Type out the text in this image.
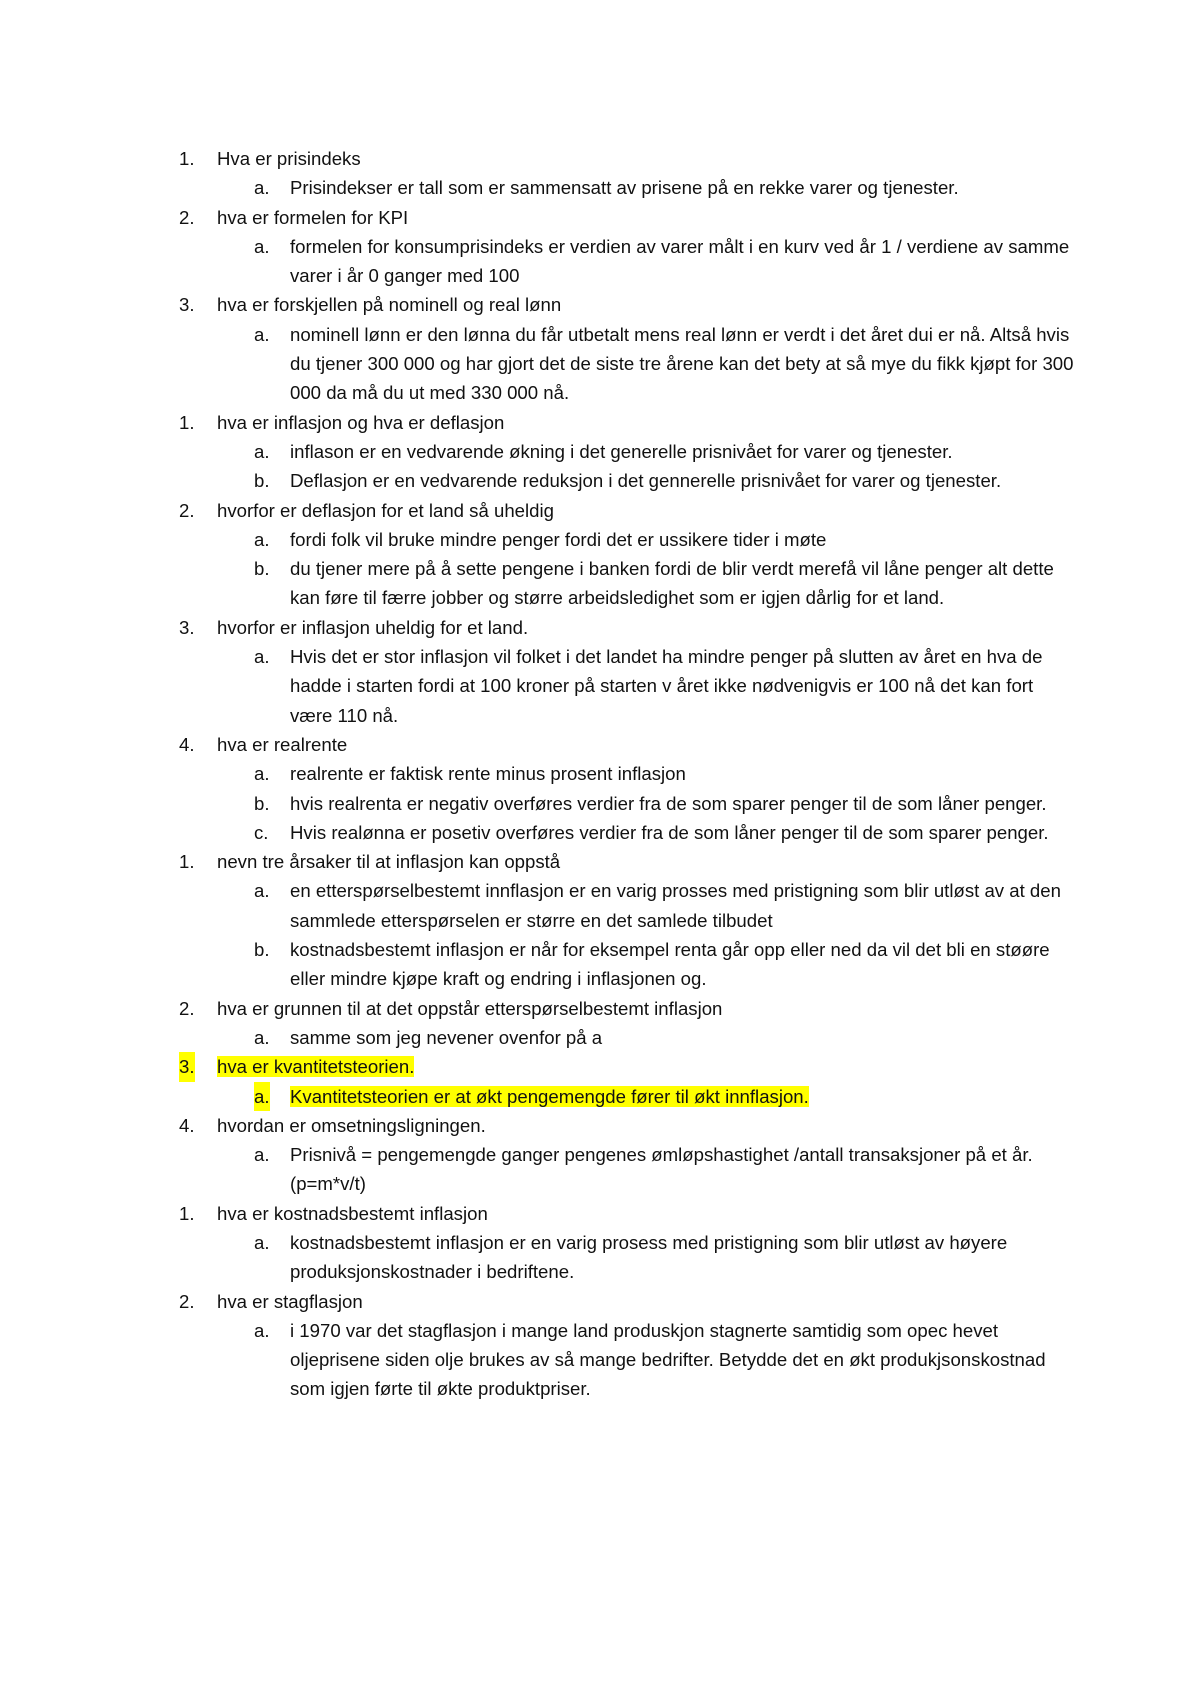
1. Hva er prisindeks
a. Prisindekser er tall som er sammensatt av prisene på en rekke varer og tjenester.
2. hva er formelen for KPI
a. formelen for konsumprisindeks er verdien av varer målt i en kurv ved år 1 / verdiene av samme varer i år 0 ganger med 100
3. hva er forskjellen på nominell og real lønn
a. nominell lønn er den lønna du får utbetalt mens real lønn er verdt i det året dui er nå. Altså hvis du tjener 300 000 og har gjort det de siste tre årene kan det bety at så mye du fikk kjøpt for 300 000 da må du ut med 330 000 nå.
1. hva er inflasjon og hva er deflasjon
a. inflason er en vedvarende økning i det generelle prisnivået for varer og tjenester.
b. Deflasjon er en vedvarende reduksjon i det gennerelle prisnivået for varer og tjenester.
2. hvorfor er deflasjon for et land så uheldig
a. fordi folk vil bruke mindre penger fordi det er ussikere tider i møte
b. du tjener mere på å sette pengene i banken fordi de blir verdt merefå vil låne penger alt dette kan føre til færre jobber og større arbeidsledighet som er igjen dårlig for et land.
3. hvorfor er inflasjon uheldig for et land.
a. Hvis det er stor inflasjon vil folket i det landet ha mindre penger på slutten av året en hva de hadde i starten fordi at 100 kroner på starten v året ikke nødvenigvis er 100 nå det kan fort være 110 nå.
4. hva er realrente
a. realrente er faktisk rente minus prosent inflasjon
b. hvis realrenta er negativ overføres verdier fra de som sparer penger til de som låner penger.
c. Hvis realønna er posetiv overføres verdier fra de som låner penger til de som sparer penger.
1. nevn tre årsaker til at inflasjon kan oppstå
a. en etterspørselbestemt innflasjon er en varig prosses med pristigning som blir utløst av at den sammlede etterspørselen er større en det samlede tilbudet
b. kostnadsbestemt inflasjon er når for eksempel renta går opp eller ned da vil det bli en støøre eller mindre kjøpe kraft og endring i inflasjonen og.
2. hva er grunnen til at det oppstår etterspørselbestemt inflasjon
a. samme som jeg nevener ovenfor på a
3. hva er kvantitetsteorien.
a. Kvantitetsteorien er at økt pengemengde fører til økt innflasjon.
4. hvordan er omsetningsligningen.
a. Prisnivå = pengemengde ganger pengenes ømløpshastighet /antall transaksjoner på et år. (p=m*v/t)
1. hva er kostnadsbestemt inflasjon
a. kostnadsbestemt inflasjon er en varig prosess med pristigning som blir utløst av høyere produksjonskostnader i bedriftene.
2. hva er stagflasjon
a. i 1970 var det stagflasjon i mange land produskjon stagnerte samtidig som opec hevet oljeprisene siden olje brukes av så mange bedrifter. Betydde det en økt produkjsonskostnad som igjen førte til økte produktpriser.
